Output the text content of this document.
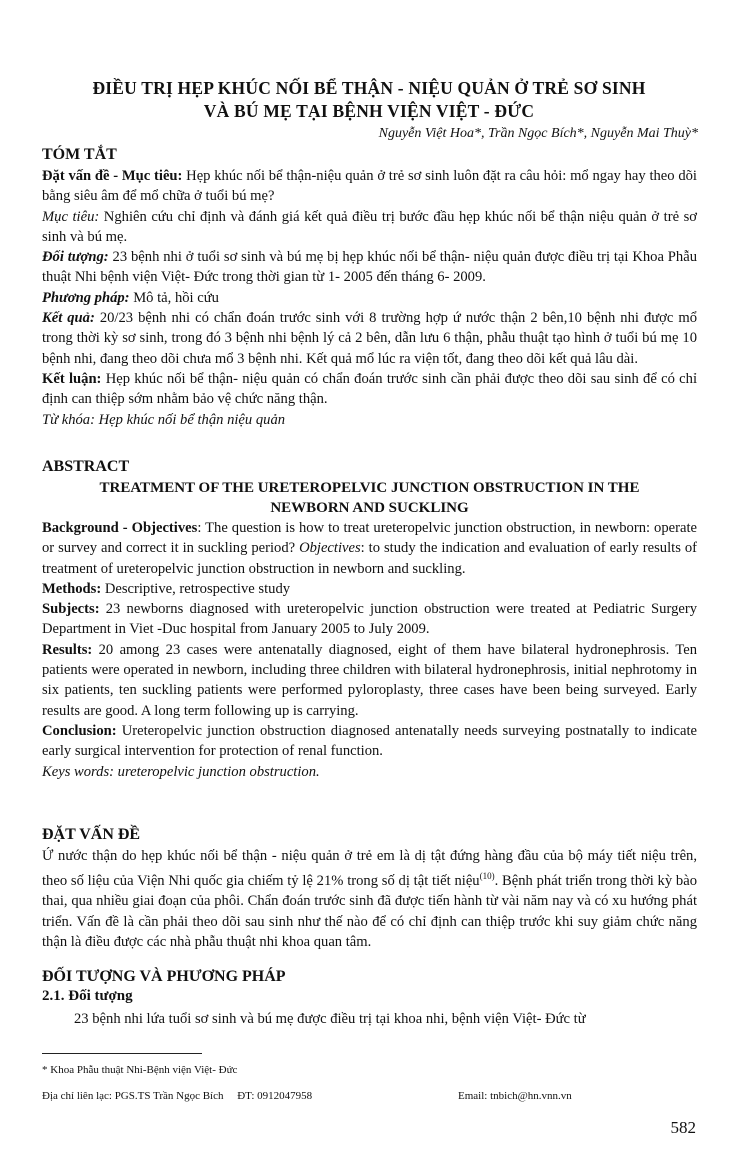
ĐIỀU TRỊ HẸP KHÚC NỐI BỂ THẬN - NIỆU QUẢN Ở TRẺ SƠ SINH
VÀ BÚ MẸ TẠI BỆNH VIỆN VIỆT - ĐỨC
Nguyễn Việt Hoa*, Trần Ngọc Bích*, Nguyễn Mai Thuỳ*
TÓM TẮT
Đặt vấn đề - Mục tiêu: Hẹp khúc nối bể thận-niệu quản ở trẻ sơ sinh luôn đặt ra câu hỏi: mổ ngay hay theo dõi bằng siêu âm để mổ chữa ở tuổi bú mẹ?
Mục tiêu: Nghiên cứu chỉ định và đánh giá kết quả điều trị bước đầu hẹp khúc nối bể thận niệu quản ở trẻ sơ sinh và bú mẹ.
Đối tượng: 23 bệnh nhi ở tuổi sơ sinh và bú mẹ bị hẹp khúc nối bể thận- niệu quản được điều trị tại Khoa Phẫu thuật Nhi bệnh viện Việt- Đức trong thời gian từ 1- 2005 đến tháng 6- 2009.
Phương pháp: Mô tả, hồi cứu
Kết quả: 20/23 bệnh nhi có chẩn đoán trước sinh với 8 trường hợp ứ nước thận 2 bên,10 bệnh nhi được mổ trong thời kỳ sơ sinh, trong đó 3 bệnh nhi bệnh lý cả 2 bên, dẫn lưu 6 thận, phẫu thuật tạo hình ở tuổi bú mẹ 10 bệnh nhi, đang theo dõi chưa mổ 3 bệnh nhi. Kết quả mổ lúc ra viện tốt, đang theo dõi kết quả lâu dài.
Kết luận: Hẹp khúc nối bể thận- niệu quản có chẩn đoán trước sinh cần phải được theo dõi sau sinh để có chỉ định can thiệp sớm nhằm bảo vệ chức năng thận.
Từ khóa: Hẹp khúc nối bể thận niệu quản
ABSTRACT
TREATMENT OF THE URETEROPELVIC JUNCTION OBSTRUCTION IN THE
NEWBORN AND SUCKLING
Background - Objectives: The question is how to treat ureteropelvic junction obstruction, in newborn: operate or survey and correct it in suckling period? Objectives: to study the indication and evaluation of early results of treatment of ureteropelvic junction obstruction in newborn and suckling.
Methods: Descriptive, retrospective study
Subjects: 23 newborns diagnosed with ureteropelvic junction obstruction were treated at Pediatric Surgery Department in Viet -Duc hospital from January 2005 to July 2009.
Results: 20 among 23 cases were antenatally diagnosed, eight of them have bilateral hydronephrosis. Ten patients were operated in newborn, including three children with bilateral hydronephrosis, initial nephrotomy in six patients, ten suckling patients were performed pyloroplasty, three cases have been being surveyed. Early results are good. A long term following up is carrying.
Conclusion: Ureteropelvic junction obstruction diagnosed antenatally needs surveying postnatally to indicate early surgical intervention for protection of renal function.
Keys words: ureteropelvic junction obstruction.
ĐẶT VẤN ĐỀ
Ứ nước thận do hẹp khúc nối bể thận - niệu quản ở trẻ em là dị tật đứng hàng đầu của bộ máy tiết niệu trên, theo số liệu của Viện Nhi quốc gia chiếm tỷ lệ 21% trong số dị tật tiết niệu$^{(10)}$. Bệnh phát triển trong thời kỳ bào thai, qua nhiều giai đoạn của phôi. Chẩn đoán trước sinh đã được tiến hành từ vài năm nay và có xu hướng phát triển. Vấn đề là cần phải theo dõi sau sinh như thế nào để có chỉ định can thiệp trước khi suy giảm chức năng thận là điều được các nhà phẫu thuật nhi khoa quan tâm.
ĐỐI TƯỢNG VÀ PHƯƠNG PHÁP
2.1. Đối tượng
23 bệnh nhi lứa tuổi sơ sinh và bú mẹ được điều trị tại khoa nhi, bệnh viện Việt- Đức từ
* Khoa Phẫu thuật Nhi-Bệnh viện Việt- Đức
Địa chỉ liên lạc: PGS.TS Trần Ngọc Bích     ĐT: 0912047958	Email: tnbich@hn.vnn.vn
582
